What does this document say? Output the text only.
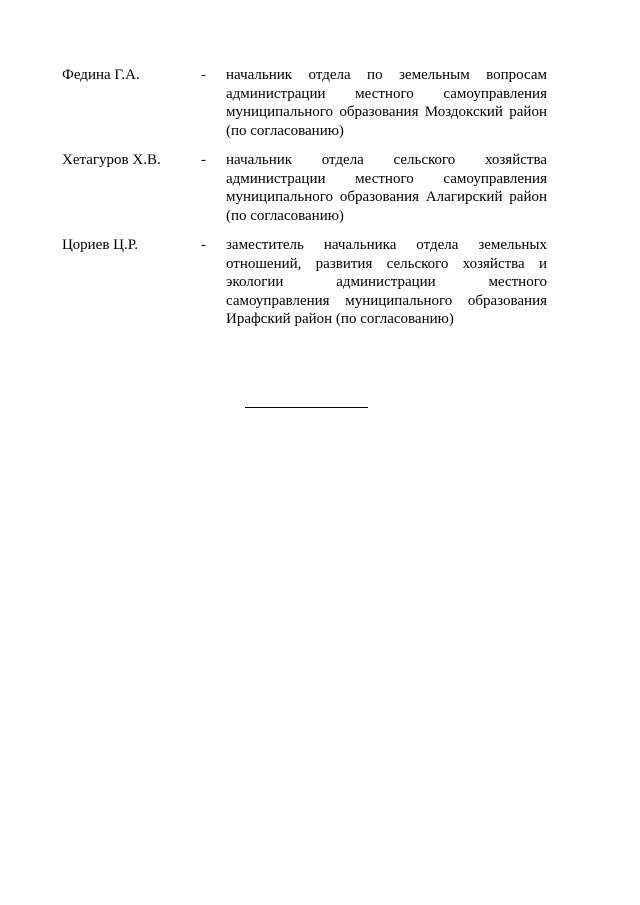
Федина Г.А.	- начальник отдела по земельным вопросам
администрации местного самоуправления
муниципального образования Моздокский район
(по согласованию)
Хетагуров Х.В.	- начальник отдела сельского хозяйства
администрации местного самоуправления
муниципального образования Алагирский район
(по согласованию)
Цориев Ц.Р.	- заместитель начальника отдела земельных
отношений, развития сельского хозяйства и
экологии администрации местного
самоуправления муниципального образования
Ирафский район (по согласованию)
